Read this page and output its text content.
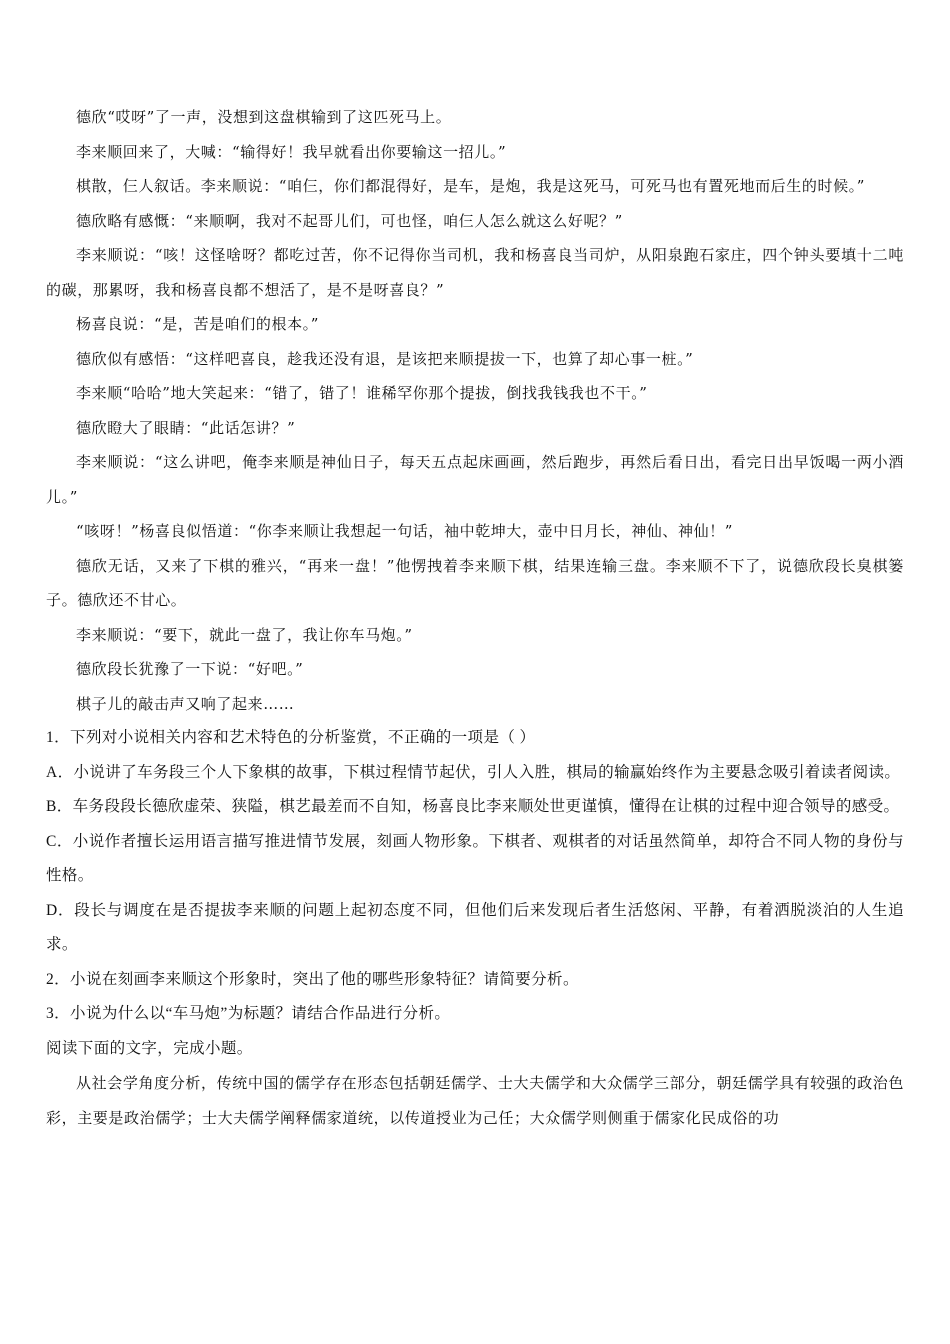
德欣“哎呀”了一声，没想到这盘棋输到了这匹死马上。

李来顺回来了，大喊：“输得好！我早就看出你要输这一招儿。”

棋散，仨人叙话。李来顺说：“咱仨，你们都混得好，是车，是炮，我是这死马，可死马也有置死地而后生的时候。”

德欣略有感慨：“来顺啊，我对不起哥儿们，可也怪，咱仨人怎么就这么好呢？”

李来顺说：“咳！这怪啥呀？都吃过苦，你不记得你当司机，我和杨喜良当司炉，从阳泉跑石家庄，四个钟头要填十二吨的碳，那累呀，我和杨喜良都不想活了，是不是呀喜良？”

杨喜良说：“是，苦是咱们的根本。”

德欣似有感悟：“这样吧喜良，趁我还没有退，是该把来顺提拔一下，也算了却心事一桩。”

李来顺“哈哈”地大笑起来：“错了，错了！谁稀罕你那个提拔，倒找我钱我也不干。”

德欣瞪大了眼睛：“此话怎讲？”

李来顺说：“这么讲吧，俺李来顺是神仙日子，每天五点起床画画，然后跑步，再然后看日出，看完日出早饭喝一两小酒儿。”

“咳呀！”杨喜良似悟道：“你李来顺让我想起一句话，袖中乾坤大，壶中日月长，神仙、神仙！”

德欣无话，又来了下棋的雅兴，“再来一盘！”他愣拽着李来顺下棋，结果连输三盘。李来顺不下了，说德欣段长臭棋篓子。德欣还不甘心。

李来顺说：“要下，就此一盘了，我让你车马炮。”

德欣段长犹豫了一下说：“好吧。”

棋子儿的敲击声又响了起来……

1．下列对小说相关内容和艺术特色的分析鉴赏，不正确的一项是（ ）

A．小说讲了车务段三个人下象棋的故事，下棋过程情节起伏，引人入胜，棋局的输赢始终作为主要悬念吸引着读者阅读。

B．车务段段长德欣虚荣、狭隘，棋艺最差而不自知，杨喜良比李来顺处世更谨慎，懂得在让棋的过程中迎合领导的感受。

C．小说作者擅长运用语言描写推进情节发展，刻画人物形象。下棋者、观棋者的对话虽然简单，却符合不同人物的身份与性格。

D．段长与调度在是否提拔李来顺的问题上起初态度不同，但他们后来发现后者生活悠闲、平静，有着洒脱淡泊的人生追求。

2．小说在刻画李来顺这个形象时，突出了他的哪些形象特征？请简要分析。

3．小说为什么以“车马炮”为标题？请结合作品进行分析。

阅读下面的文字，完成小题。

从社会学角度分析，传统中国的儒学存在形态包括朝廷儒学、士大夫儒学和大众儒学三部分，朝廷儒学具有较强的政治色彩，主要是政治儒学；士大夫儒学阐释儒家道统，以传道授业为己任；大众儒学则侧重于儒家化民成俗的功
